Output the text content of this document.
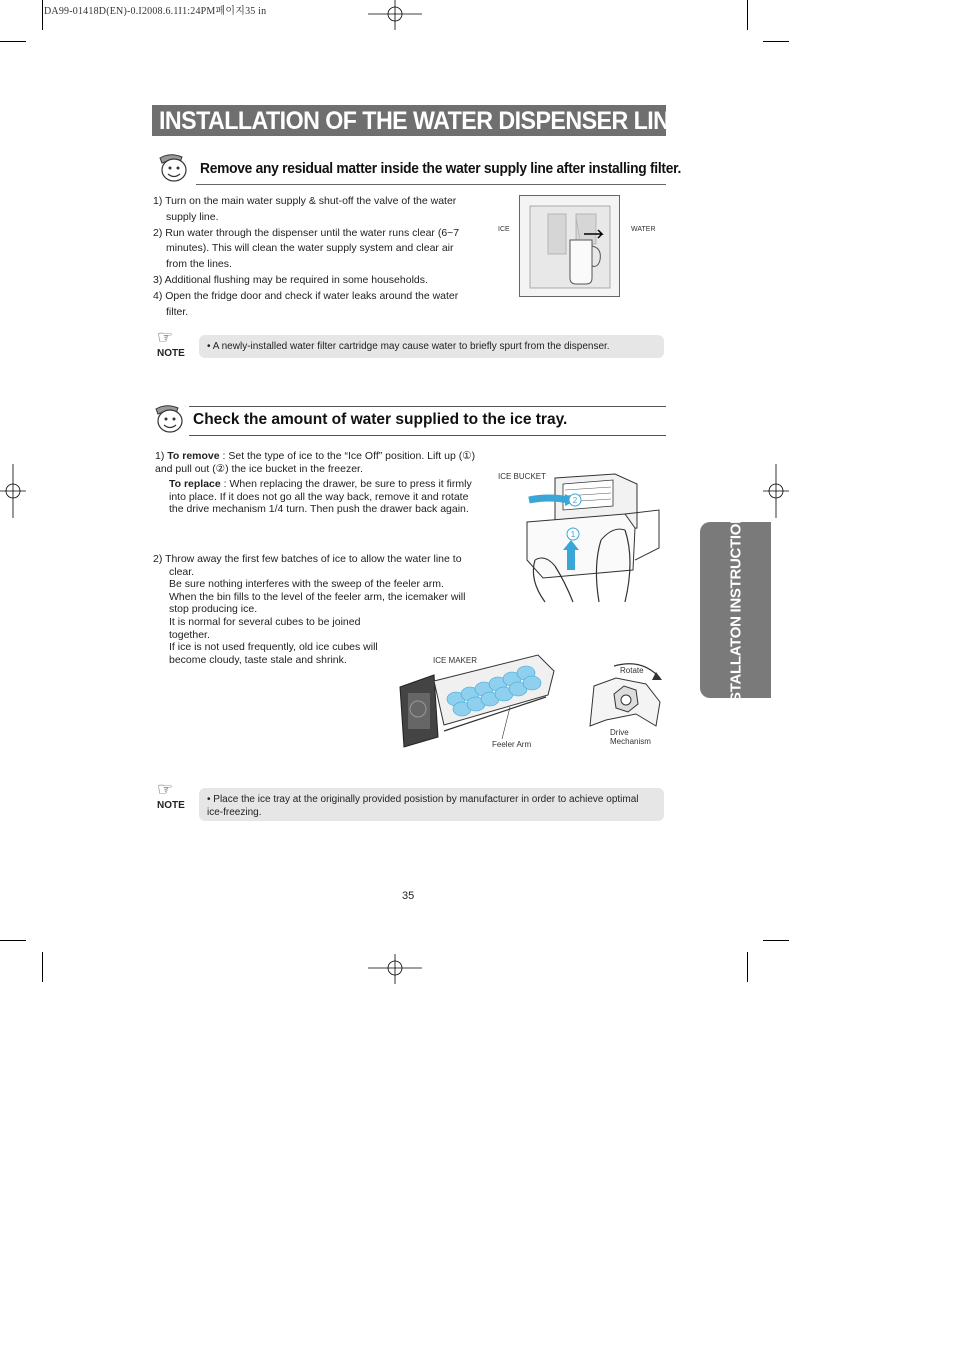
DA99-01418D(EN)-0.I2008.6.1I1:24PM페이지35 in
INSTALLATION OF THE WATER DISPENSER LINE
Remove any residual matter inside the water supply line after installing filter.
1) Turn on the main water supply & shut-off the valve of the water supply line.
2) Run water through the dispenser until the water runs clear (6~7 minutes). This will clean the water supply system and clear air from the lines.
3) Additional flushing may be required in some households.
4) Open the fridge door and check if water leaks around the water filter.
ICE	WATER
☞
NOTE
• A newly-installed water filter cartridge may cause water to briefly spurt from the dispenser.
Check the amount of water supplied to the ice tray.
1) To remove : Set the type of ice to the “Ice Off” position. Lift up (①) and pull out (②) the ice bucket in the freezer.
To replace : When replacing the drawer, be sure to press it firmly into place. If it does not go all the way back, remove it and rotate the drive mechanism 1/4 turn. Then push the drawer back again.
2) Throw away the first few batches of ice to allow the water line to
clear.
Be sure nothing interferes with the sweep of the feeler arm.
When the bin fills to the level of the feeler arm, the icemaker will
stop producing ice.
It is normal for several cubes to be joined
together.
If ice is not used frequently, old ice cubes will
become cloudy, taste stale and shrink.
ICE BUCKET
2
1
ICE MAKER
Feeler Arm
Rotate
Drive
Mechanism
☞
NOTE
• Place the ice tray at the originally provided posistion by manufacturer in order to achieve optimal ice-freezing.
INSTALLATON INSTRUCTIONS
35
